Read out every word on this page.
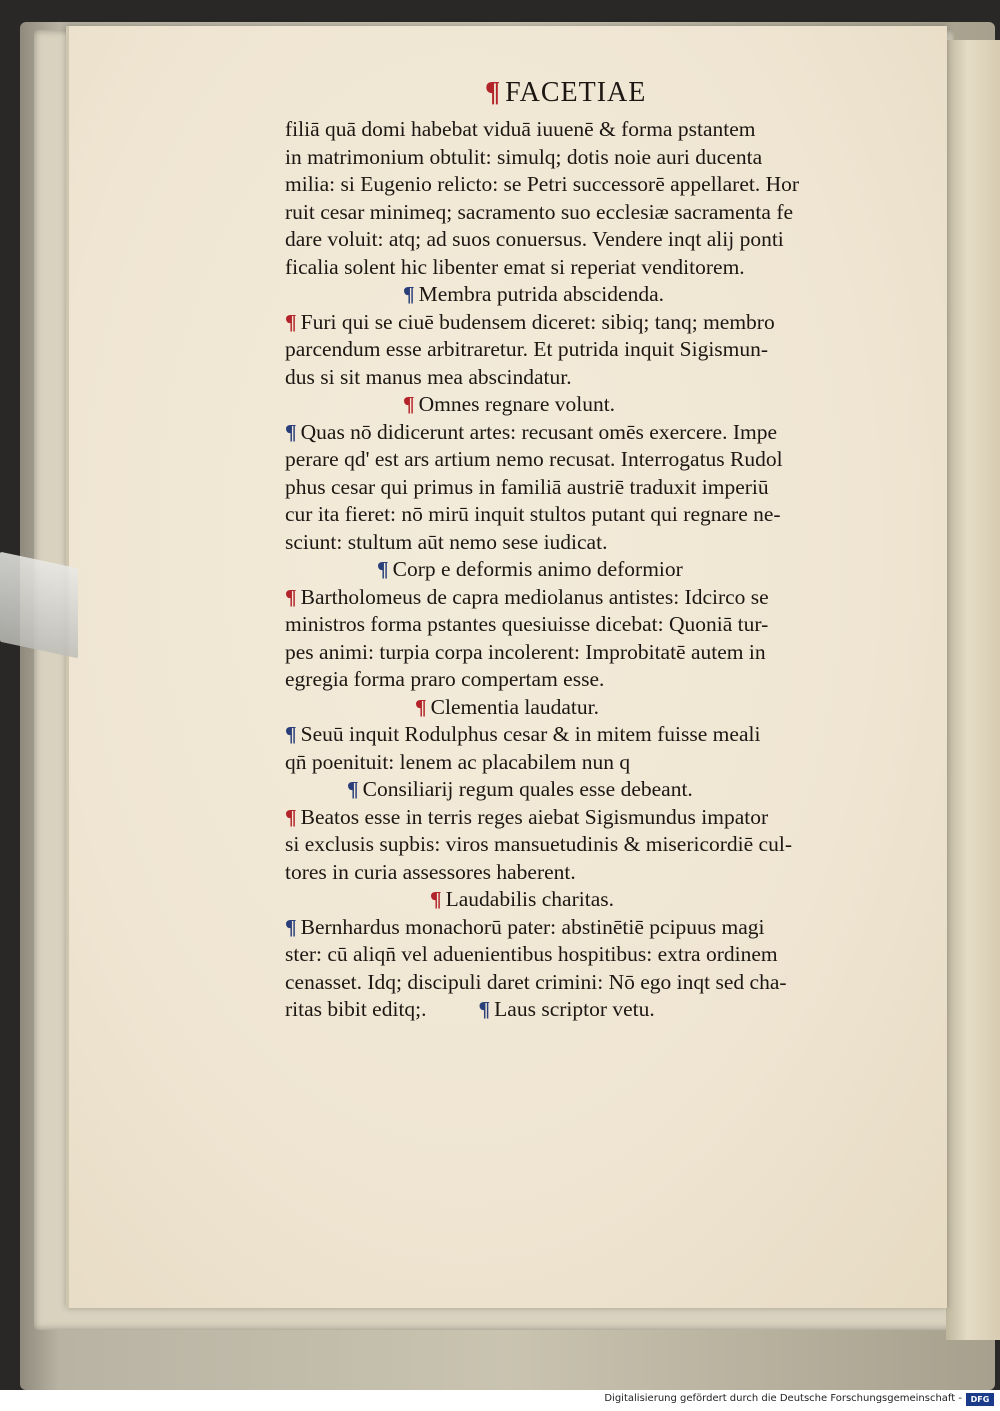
¶ FACETIAE
filiā quā domi habebat viduā iuuenē & forma pstantem
in matrimonium obtulit: simulq; dotis noie auri ducenta
milia: si Eugenio relicto: se Petri successorē appellaret. Hor
ruit cesar minimeq; sacramento suo ecclesiæ sacramenta fe
dare voluit: atq; ad suos conuersus. Vendere inqt alij ponti
ficalia solent hic libenter emat si reperiat venditorem.
¶ Membra putrida abscidenda.
¶ Furi qui se ciuē budensem diceret: sibiq; tanq; membro
parcendum esse arbitraretur. Et putrida inquit Sigismun-
dus si sit manus mea abscindatur.
¶ Omnes regnare volunt.
¶ Quas nō didicerunt artes: recusant omēs exercere. Impe
perare qd' est ars artium nemo recusat. Interrogatus Rudol
phus cesar qui primus in familiā austriē traduxit imperiū
cur ita fieret: nō mirū inquit stultos putant qui regnare ne-
sciunt: stultum aūt nemo sese iudicat.
¶ Corp e deformis animo deformior
¶ Bartholomeus de capra mediolanus antistes: Idcirco se
ministros forma pstantes quesiuisse dicebat: Quoniā tur-
pes animi: turpia corpa incolerent: Improbitatē autem in
egregia forma praro compertam esse.
¶ Clementia laudatur.
¶ Seuū inquit Rodulphus cesar & in mitem fuisse meali
qn̄ poenituit: lenem ac placabilem nun q
¶ Consiliarij regum quales esse debeant.
¶ Beatos esse in terris reges aiebat Sigismundus impator
si exclusis supbis: viros mansuetudinis & misericordiē cul-
tores in curia assessores haberent.
¶ Laudabilis charitas.
¶ Bernhardus monachorū pater: abstinētiē pcipuus magi
ster: cū aliqn̄ vel aduenientibus hospitibus: extra ordinem
cenasset. Idq; discipuli daret crimini: Nō ego inqt sed cha-
ritas bibit editq;. ¶ Laus scriptor vetu.
Digitalisierung gefördert durch die Deutsche Forschungsgemeinschaft -	DFG
